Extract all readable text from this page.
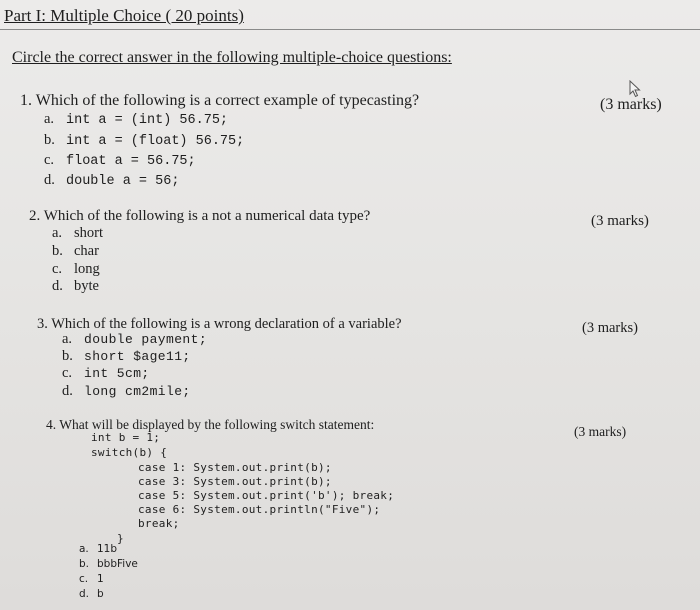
Part I: Multiple Choice ( 20 points)
Circle the correct answer in the following multiple-choice questions:
1. Which of the following is a correct example of typecasting?	(3 marks)
a. int a = (int) 56.75;
b. int a = (float) 56.75;
c. float a = 56.75;
d. double a = 56;
2. Which of the following is a not a numerical data type?	(3 marks)
a. short
b. char
c. long
d. byte
3. Which of the following is a wrong declaration of a variable?	(3 marks)
a. double payment;
b. short $age11;
c. int 5cm;
d. long cm2mile;
4. What will be displayed by the following switch statement:	(3 marks)
int b = 1;
switch(b) {
case 1: System.out.print(b);
case 3: System.out.print(b);
case 5: System.out.print('b'); break;
case 6: System.out.println("Five");
break;
}
a. 11b
b. bbbFive
c. 1
d. b
